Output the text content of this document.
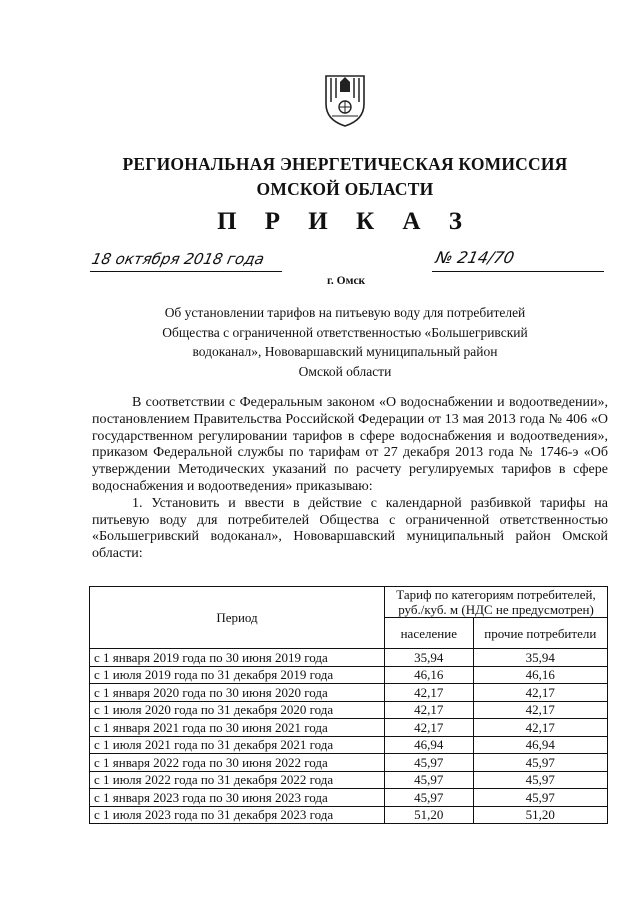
РЕГИОНАЛЬНАЯ ЭНЕРГЕТИЧЕСКАЯ КОМИССИЯ
ОМСКОЙ ОБЛАСТИ
П Р И К А З
18 октября 2018 года
г. Омск
№ 214/70
Об установлении тарифов на питьевую воду для потребителей
Общества с ограниченной ответственностью «Большегривский
водоканал», Нововаршавский муниципальный район
Омской области

В соответствии с Федеральным законом «О водоснабжении и водоотведении», постановлением Правительства Российской Федерации от 13 мая 2013 года № 406 «О государственном регулировании тарифов в сфере водоснабжения и водоотведения», приказом Федеральной службы по тарифам от 27 декабря 2013 года № 1746-э «Об утверждении Методических указаний по расчету регулируемых тарифов в сфере водоснабжения и водоотведения» приказываю:

1. Установить и ввести в действие с календарной разбивкой тарифы на питьевую воду для потребителей Общества с ограниченной ответственностью «Большегривский водоканал», Нововаршавский муниципальный район Омской области:

Период	Тариф по категориям потребителей, руб./куб. м (НДС не предусмотрен)	
	население	прочие потребители
с 1 января 2019 года по 30 июня 2019 года	35,94	35,94
с 1 июля 2019 года по 31 декабря 2019 года	46,16	46,16
с 1 января 2020 года по 30 июня 2020 года	42,17	42,17
с 1 июля 2020 года по 31 декабря 2020 года	42,17	42,17
с 1 января 2021 года по 30 июня 2021 года	42,17	42,17
с 1 июля 2021 года по 31 декабря 2021 года	46,94	46,94
с 1 января 2022 года по 30 июня 2022 года	45,97	45,97
с 1 июля 2022 года по 31 декабря 2022 года	45,97	45,97
с 1 января 2023 года по 30 июня 2023 года	45,97	45,97
с 1 июля 2023 года по 31 декабря 2023 года	51,20	51,20
